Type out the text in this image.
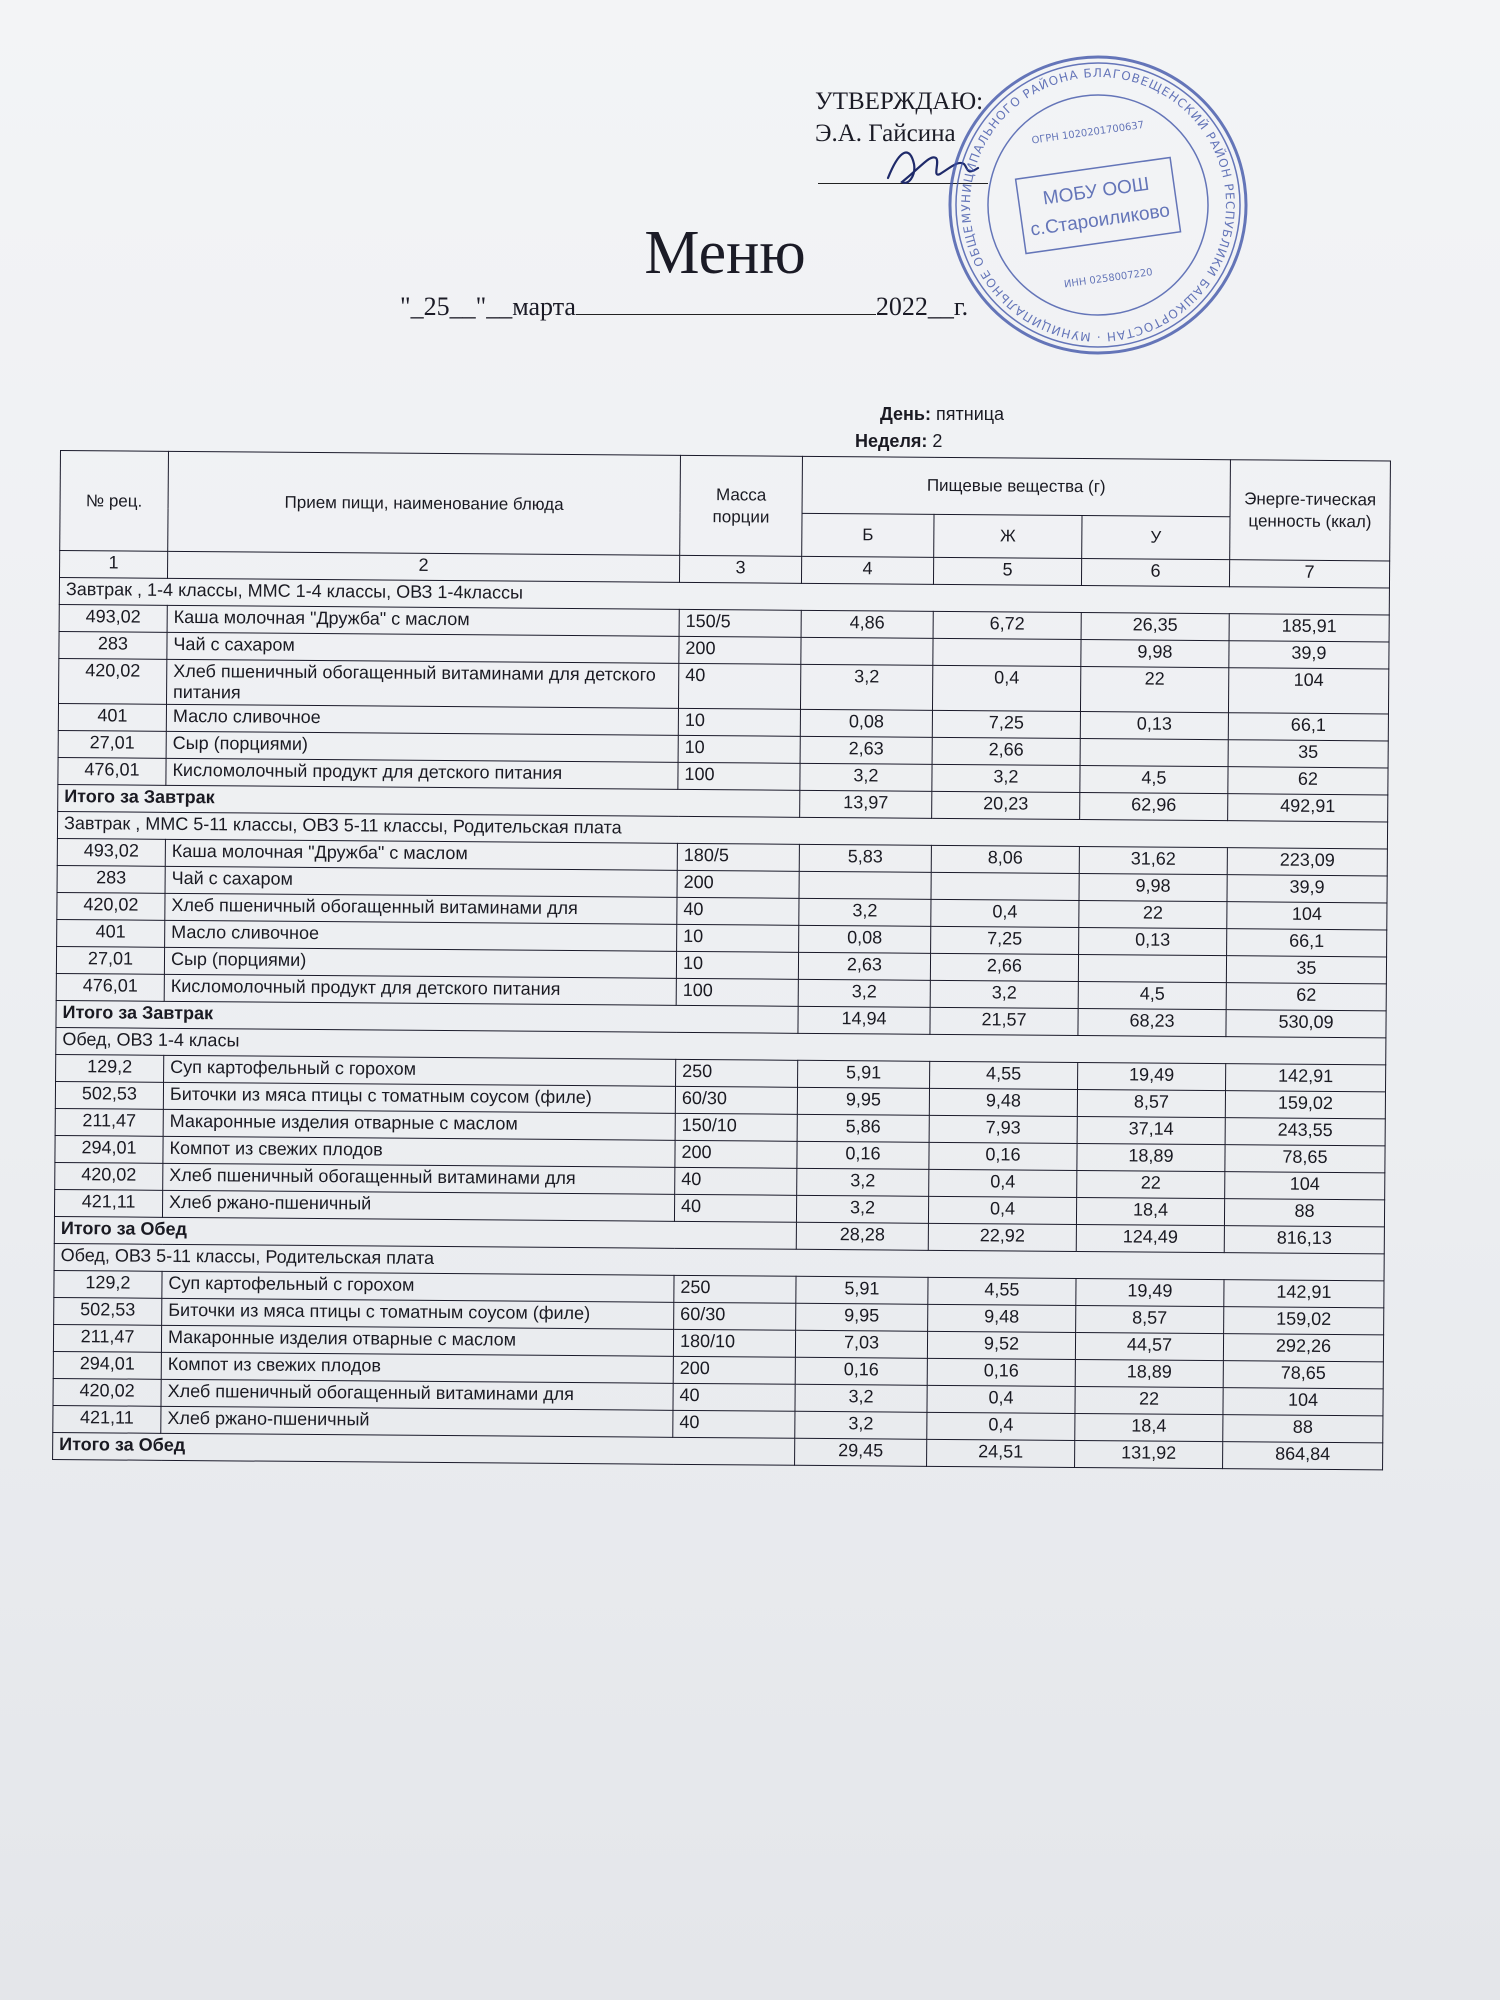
УТВЕРЖДАЮ:
Э.А. Гайсина
МУНИЦИПАЛЬНОГО РАЙОНА БЛАГОВЕЩЕНСКИЙ РАЙОН РЕСПУБЛИКИ БАШКОРТОСТАН · МУНИЦИПАЛЬНОЕ ОБЩЕОБРАЗОВАТЕЛЬНОЕ
ОГРН 1020201700637
МОБУ ООШ
с.Староиликово
ИНН 0258007220
Меню
"_25__"__марта	2022__г.
День: пятница
Неделя: 2
№ рец.	Прием пищи, наименование блюда	Масса порции	Пищевые вещества (г)			Энерге-тическая ценность (ккал)
			Б	Ж	У	
1	2	3	4	5	6	7
Завтрак , 1-4 классы, ММС 1-4 классы, ОВЗ 1-4классы						
493,02	Каша молочная "Дружба" с маслом	150/5	4,86	6,72	26,35	185,91
283	Чай с сахаром	200			9,98	39,9
420,02	Хлеб пшеничный обогащенный витаминами для детского питания	40	3,2	0,4	22	104
401	Масло сливочное	10	0,08	7,25	0,13	66,1
27,01	Сыр (порциями)	10	2,63	2,66		35
476,01	Кисломолочный продукт для детского питания	100	3,2	3,2	4,5	62
Итого за Завтрак			13,97	20,23	62,96	492,91
Завтрак , ММС 5-11 классы, ОВЗ 5-11 классы, Родительская плата						
493,02	Каша молочная "Дружба" с маслом	180/5	5,83	8,06	31,62	223,09
283	Чай с сахаром	200			9,98	39,9
420,02	Хлеб пшеничный обогащенный витаминами для	40	3,2	0,4	22	104
401	Масло сливочное	10	0,08	7,25	0,13	66,1
27,01	Сыр (порциями)	10	2,63	2,66		35
476,01	Кисломолочный продукт для детского питания	100	3,2	3,2	4,5	62
Итого за Завтрак			14,94	21,57	68,23	530,09
Обед, ОВЗ 1-4 класы						
129,2	Суп картофельный с горохом	250	5,91	4,55	19,49	142,91
502,53	Биточки из мяса птицы с томатным соусом (филе)	60/30	9,95	9,48	8,57	159,02
211,47	Макаронные изделия отварные с маслом	150/10	5,86	7,93	37,14	243,55
294,01	Компот из свежих плодов	200	0,16	0,16	18,89	78,65
420,02	Хлеб пшеничный обогащенный витаминами для	40	3,2	0,4	22	104
421,11	Хлеб ржано-пшеничный	40	3,2	0,4	18,4	88
Итого за Обед			28,28	22,92	124,49	816,13
Обед, ОВЗ 5-11 классы, Родительская плата						
129,2	Суп картофельный с горохом	250	5,91	4,55	19,49	142,91
502,53	Биточки из мяса птицы с томатным соусом (филе)	60/30	9,95	9,48	8,57	159,02
211,47	Макаронные изделия отварные с маслом	180/10	7,03	9,52	44,57	292,26
294,01	Компот из свежих плодов	200	0,16	0,16	18,89	78,65
420,02	Хлеб пшеничный обогащенный витаминами для	40	3,2	0,4	22	104
421,11	Хлеб ржано-пшеничный	40	3,2	0,4	18,4	88
Итого за Обед			29,45	24,51	131,92	864,84
